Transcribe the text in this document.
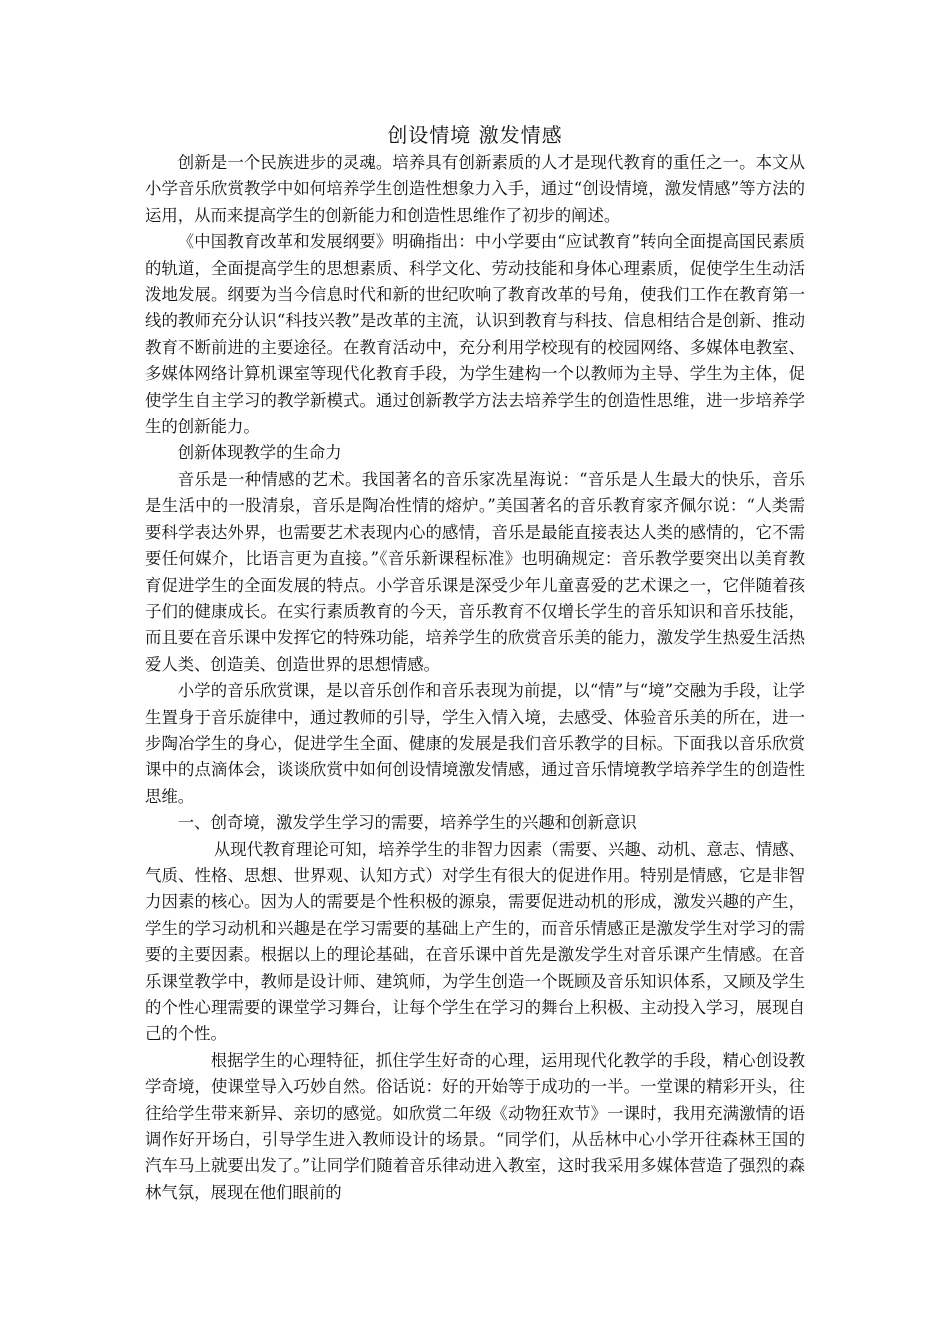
创设情境 激发情感

创新是一个民族进步的灵魂。培养具有创新素质的人才是现代教育的重任之一。本文从小学音乐欣赏教学中如何培养学生创造性想象力入手，通过“创设情境，激发情感”等方法的运用，从而来提高学生的创新能力和创造性思维作了初步的阐述。

《中国教育改革和发展纲要》明确指出：中小学要由“应试教育”转向全面提高国民素质的轨道，全面提高学生的思想素质、科学文化、劳动技能和身体心理素质，促使学生生动活泼地发展。纲要为当今信息时代和新的世纪吹响了教育改革的号角，使我们工作在教育第一线的教师充分认识“科技兴教”是改革的主流，认识到教育与科技、信息相结合是创新、推动教育不断前进的主要途径。在教育活动中，充分利用学校现有的校园网络、多媒体电教室、多媒体网络计算机课室等现代化教育手段，为学生建构一个以教师为主导、学生为主体，促使学生自主学习的教学新模式。通过创新教学方法去培养学生的创造性思维，进一步培养学生的创新能力。

创新体现教学的生命力

音乐是一种情感的艺术。我国著名的音乐家冼星海说：“音乐是人生最大的快乐，音乐是生活中的一股清泉，音乐是陶冶性情的熔炉。”美国著名的音乐教育家齐佩尔说：“人类需要科学表达外界，也需要艺术表现内心的感情，音乐是最能直接表达人类的感情的，它不需要任何媒介，比语言更为直接。”《音乐新课程标准》也明确规定：音乐教学要突出以美育教育促进学生的全面发展的特点。小学音乐课是深受少年儿童喜爱的艺术课之一，它伴随着孩子们的健康成长。在实行素质教育的今天，音乐教育不仅增长学生的音乐知识和音乐技能，而且要在音乐课中发挥它的特殊功能，培养学生的欣赏音乐美的能力，激发学生热爱生活热爱人类、创造美、创造世界的思想情感。

小学的音乐欣赏课，是以音乐创作和音乐表现为前提，以“情”与“境”交融为手段，让学生置身于音乐旋律中，通过教师的引导，学生入情入境，去感受、体验音乐美的所在，进一步陶冶学生的身心，促进学生全面、健康的发展是我们音乐教学的目标。下面我以音乐欣赏课中的点滴体会，谈谈欣赏中如何创设情境激发情感，通过音乐情境教学培养学生的创造性思维。

一、创奇境，激发学生学习的需要，培养学生的兴趣和创新意识

从现代教育理论可知，培养学生的非智力因素（需要、兴趣、动机、意志、情感、气质、性格、思想、世界观、认知方式）对学生有很大的促进作用。特别是情感，它是非智力因素的核心。因为人的需要是个性积极的源泉，需要促进动机的形成，激发兴趣的产生，学生的学习动机和兴趣是在学习需要的基础上产生的，而音乐情感正是激发学生对学习的需要的主要因素。根据以上的理论基础，在音乐课中首先是激发学生对音乐课产生情感。在音乐课堂教学中，教师是设计师、建筑师，为学生创造一个既顾及音乐知识体系，又顾及学生的个性心理需要的课堂学习舞台，让每个学生在学习的舞台上积极、主动投入学习，展现自己的个性。

根据学生的心理特征，抓住学生好奇的心理，运用现代化教学的手段，精心创设教学奇境，使课堂导入巧妙自然。俗话说：好的开始等于成功的一半。一堂课的精彩开头，往往给学生带来新异、亲切的感觉。如欣赏二年级《动物狂欢节》一课时，我用充满激情的语调作好开场白，引导学生进入教师设计的场景。“同学们，从岳林中心小学开往森林王国的汽车马上就要出发了。”让同学们随着音乐律动进入教室，这时我采用多媒体营造了强烈的森林气氛，展现在他们眼前的
